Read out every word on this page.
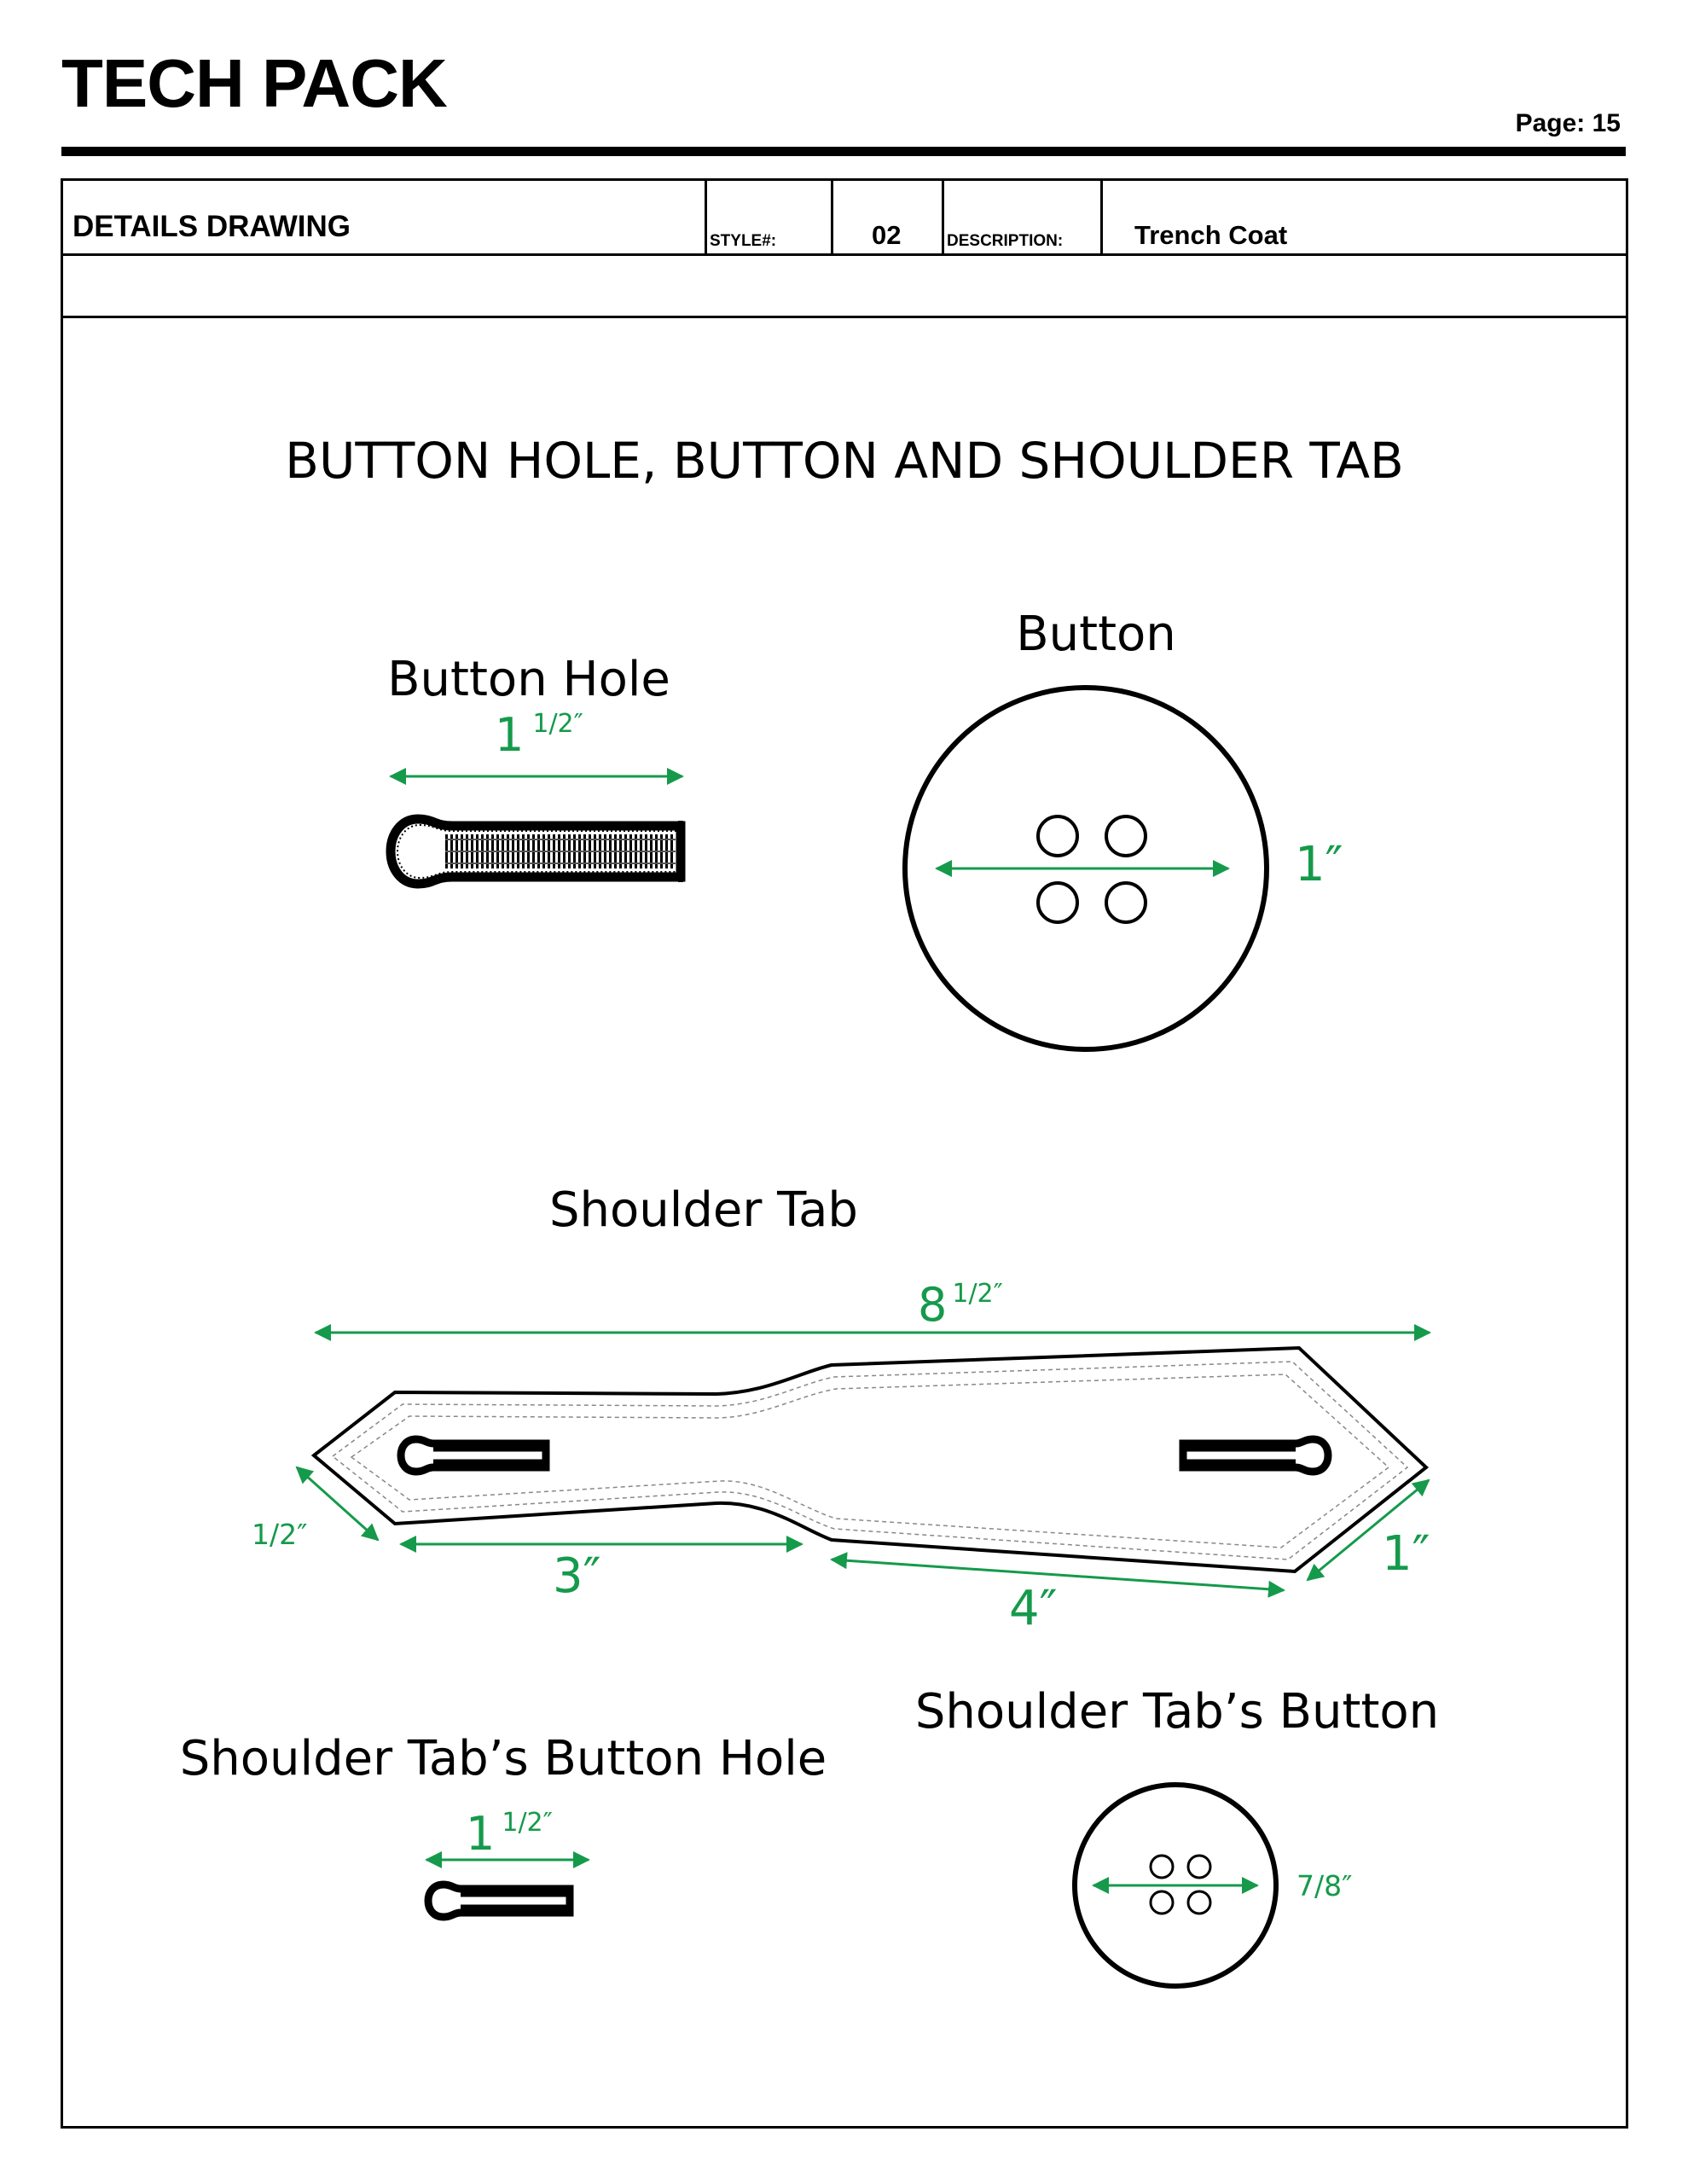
TECH PACK
Page: 15
DETAILS DRAWING	STYLE#:	02	DESCRIPTION:	Trench Coat
BUTTON HOLE, BUTTON AND SHOULDER TAB
Button Hole
1 1/2″
Button
1″
Shoulder Tab
8 1/2″
1/2″
3″
4″
1″
Shoulder Tab’s Button Hole
1 1/2″
Shoulder Tab’s Button
7/8″
